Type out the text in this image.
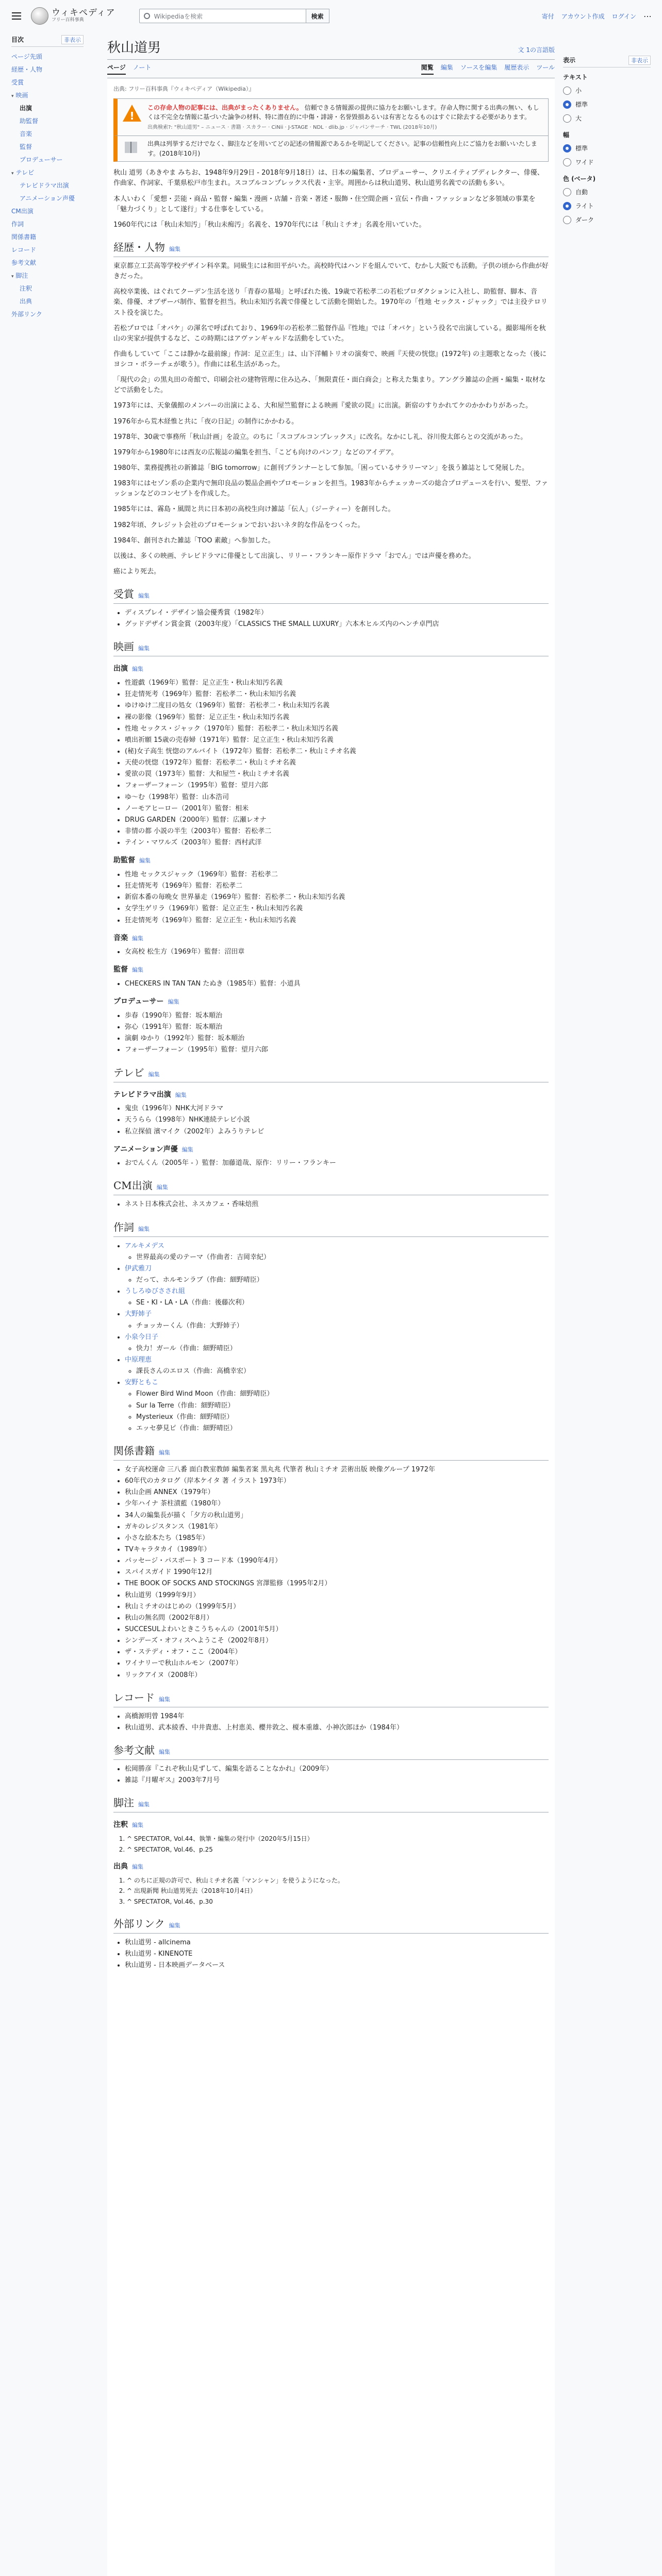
ウィキペディア
フリー百科事典
Wikipediaを検索	検索	寄付 アカウント作成 ログイン ⋯
目次	非表示
ページ先頭
経歴・人物
受賞
▾ 映画
出演
助監督
音楽
監督
プロデューサー
▾ テレビ
テレビドラマ出演
アニメーション声優
CM出演
作詞
関係書籍
レコード
参考文献
▾ 脚注
注釈
出典
外部リンク
秋山道男	文 1の言語版
ページ ノート	閲覧 編集 ソースを編集 履歴表示 ツール
出典: フリー百科事典『ウィキペディア（Wikipedia）』
!
この存命人物の記事には、出典がまったくありません。 信頼できる情報源の提供に協力をお願いします。存命人物に関する出典の無い、もしくは不完全な情報に基づいた論争の材料、特に潜在的に中傷・誹謗・名誉毀損あるいは有害となるものはすぐに除去する必要があります。
出典検索?: "秋山道男" – ニュース · 書籍 · スカラー · CiNii · J-STAGE · NDL · dlib.jp · ジャパンサーチ · TWL (2018年10月)
出典は列挙するだけでなく、脚注などを用いてどの記述の情報源であるかを明記してください。記事の信頼性向上にご協力をお願いいたします。(2018年10月)

秋山 道男（あきやま みちお、1948年9月29日 - 2018年9月18日）は、日本の編集者、プロデューサー、クリエイティブディレクター、俳優、作曲家、作詞家、千葉県松戸市生まれ。スコブルコンプレックス代表・主宰。周囲からは秋山道男、秋山道男名義での活動も多い。

本人いわく「愛想・芸能・商品・監督・編集・漫画・店舗・音楽・著述・服飾・住空間企画・宣伝・作曲・ファッションなど多領域の事業を「魅力づくり」として遂行」する仕事をしている。

1960年代には「秋山未知汚」「秋山未痴汚」名義を、1970年代には「秋山ミチオ」名義を用いていた。

経歴・人物 編集

東京都立工芸高等学校デザイン科卒業。同級生には和田平がいた。高校時代はハンドを組んでいて、むかし大阪でも活動。子供の頃から作曲が好きだった。

高校卒業後、はぐれてクーデン生活を送り「青春の墓場」と呼ばれた後、19歳で若松孝二の若松プロダクションに入社し、助監督、脚本、音楽、俳優、オブザーバ制作、監督を担当。秋山未知汚名義で俳優として活動を開始した。1970年の「性地 セックス・ジャック」では主役テロリスト役を演じた。

若松プロでは「オバケ」の渾名で呼ばれており、1969年の若松孝二監督作品『性地』では「オバケ」という役名で出演している。撮影場所を秋山の実家が提供するなど、この時期にはアヴァンギャルドな活動をしていた。

作曲もしていて「ここは静かな最前線」作詞：足立正生」は、山下洋輔トリオの演奏で、映画『天使の恍惚』(1972年) の主題歌となった（後にヨシコ・ボラーチェが歌う）。作曲には私生活があった。

「現代の会」の黒丸田の奇館で、印刷会社の建物管理に住み込み、「無限責任・面白商会」と称えた集まり。アングラ雑誌の企画・編集・取材などで活動をした。

1973年には、天象儀館のメンバーの出演による、大和屋竺監督による映画『愛欲の罠』に出演。新宿のすりかれてケのかかわりがあった。

1976年から荒木経惟と共に「夜の日記」の制作にかかわる。

1978年、30歳で事務所「秋山計画」を設立。のちに「スコブルコンプレックス」に改名。なかにし礼、谷川俊太郎らとの交流があった。

1979年から1980年には西友の広報誌の編集を担当、「こども向けのパンフ」などのアイデア。

1980年、業務提携社の新雑誌「BIG tomorrow」に創刊プランナーとして参加。「困っているサラリーマン」を扱う雑誌として発展した。

1983年にはセゾン系の企業内で無印良品の製品企画やプロモーションを担当。1983年からチェッカーズの総合プロデュースを行い、髪型、ファッションなどのコンセプトを作成した。

1985年には、霧島・風間と共に日本初の高校生向け雑誌「伝人」（ジーティー）を創刊した。

1982年頃、クレジット会社のプロモーションでおいおいネタ的な作品をつくった。

1984年、創刊された雑誌「TOO 素敵」へ参加した。

以後は、多くの映画、テレビドラマに俳優として出演し、リリー・フランキー原作ドラマ「おでん」では声優を務めた。

癌により死去。

受賞 編集
• ディスプレイ・デザイン協会優秀賞（1982年）
• グッドデザイン賞金賞（2003年度）「CLASSICS THE SMALL LUXURY」六本木ヒルズ内のヘンチ卓門店
映画 編集
出演 編集
• 性遊戯（1969年）監督：足立正生・秋山未知汚名義
• 狂走情死考（1969年）監督：若松孝二・秋山未知汚名義
• ゆけゆけ二度目の処女（1969年）監督：若松孝二・秋山未知汚名義
• 裸の影像（1969年）監督：足立正生・秋山未知汚名義
• 性地 セックス・ジャック（1970年）監督：若松孝二・秋山未知汚名義
• 噴出祈願 15歳の売春婦（1971年）監督：足立正生・秋山未知汚名義
• (秘)女子高生 恍惚のアルバイト（1972年）監督：若松孝二・秋山ミチオ名義
• 天使の恍惚（1972年）監督：若松孝二・秋山ミチオ名義
• 愛欲の罠（1973年）監督：大和屋竺・秋山ミチオ名義
• フォーザーフォーン（1995年）監督：望月六郎
• ゆ〜む（1998年）監督：山本浩司
• ノーモアヒーロー（2001年）監督：相米
• DRUG GARDEN（2000年）監督：広瀬レオナ
• 非情の都 小説の半生（2003年）監督：若松孝二
• テイン・マワルズ（2003年）監督：西村武洋
助監督 編集
• 性地 セックスジャック（1969年）監督：若松孝二
• 狂走情死考（1969年）監督：若松孝二
• 新宿本番の毎晩女 世界暴走（1969年）監督：若松孝二・秋山未知汚名義
• 女学生ゲリラ（1969年）監督：足立正生・秋山未知汚名義
• 狂走情死考（1969年）監督：足立正生・秋山未知汚名義
音楽 編集
• 女高校 松生方（1969年）監督：沼田章
監督 編集
• CHECKERS IN TAN TAN たぬき（1985年）監督：小道具
プロデューサー 編集
• 歩春（1990年）監督：坂本順治
• 弥心（1991年）監督：坂本順治
• 演劇 ゆかり（1992年）監督：坂本順治
• フォーザーフォーン（1995年）監督：望月六郎
テレビ 編集
テレビドラマ出演 編集
• 鬼虫（1996年）NHK大河ドラマ
• 天うらら（1998年）NHK連続テレビ小説
• 私立探偵 濱マイク（2002年）よみうりテレビ
アニメーション声優 編集
• おでんくん（2005年 - ）監督：加藤道哉、原作：リリー・フランキー
CM出演 編集
• ネスト日本株式会社、ネスカフェ・香味焙煎
作詞 編集
• アルキメデス
◦ 世界最高の愛のテーマ（作曲者：吉岡幸紀）
• 伊武雅刀
◦ だって、ホルモンラブ（作曲：細野晴臣）
• うしろゆびさされ組
◦ SE・KI・LA・LA（作曲：後藤次利）
• 大野姉子
◦ チョッカーくん（作曲：大野姉子）
• 小泉今日子
◦ 快力！ガール（作曲：細野晴臣）
• 中原理恵
◦ 課長さんのエロス（作曲：高橋幸宏）
• 安野ともこ
◦ Flower Bird Wind Moon（作曲：細野晴臣）
◦ Sur la Terre（作曲：細野晴臣）
◦ Mysterieux（作曲：細野晴臣）
◦ エッセ夢見ピ（作曲：細野晴臣）
関係書籍 編集
• 女子高校運命 三八番 面白教室教師 編集者案 黒丸兆 代筆者 秋山ミチオ 芸術出版 映像グループ 1972年
• 60年代のカタログ（岸本ケイタ 著 イラスト 1973年）
• 秋山企画 ANNEX（1979年）
• 少年ハイナ 茶柱漬藍（1980年）
• 34人の編集長が描く「夕方の秋山道男」
• ガキのレジスタンス（1981年）
• 小さな絵本たち（1985年）
• TVキャラタカイ（1989年）
• パッセージ・パスポート 3 コード本（1990年4月）
• スパイスガイド 1990年12月
• THE BOOK OF SOCKS AND STOCKINGS 宮澤監修（1995年2月）
• 秋山道男（1999年9月）
• 秋山ミチオのはじめの（1999年5月）
• 秋山の無名問（2002年8月）
• SUCCESULよわいときこうちゃんの（2001年5月）
• シンデーズ・オフィスへようこそ（2002年8月）
• ザ・ステディ・オフ・ここ（2004年）
• ワイナリーで秋山ホルモン（2007年）
• リックアイヌ（2008年）
レコード 編集
• 高橋源明曾 1984年
• 秋山道男、武本綾香、中井貴恵、上村恵美、櫻井敦之、榎本重雄、小神次郎ほか（1984年）
参考文献 編集
• 松岡勝彦『これぞ秋山見ずして、編集を語ることなかれ』（2009年）
• 雑誌『月曜ギス』2003年7月号
脚注 編集
注釈 編集
1. ^ SPECTATOR, Vol.44、執筆・編集の発行中（2020年5月15日）
2. ^ SPECTATOR, Vol.46、p.25
出典 編集
1. ^ のちに正規の許可で、秋山ミチオ名義「マンシャン」を使うようになった。
2. ^ 出現新聞 秋山道男死去（2018年10月4日）
3. ^ SPECTATOR, Vol.46、p.30
外部リンク 編集
• 秋山道男 - allcinema
• 秋山道男 - KINENOTE
• 秋山道男 - 日本映画データベース
表示	非表示
テキスト
小
標準
大
幅
標準
ワイド
色 (ベータ)
自動
ライト
ダーク
